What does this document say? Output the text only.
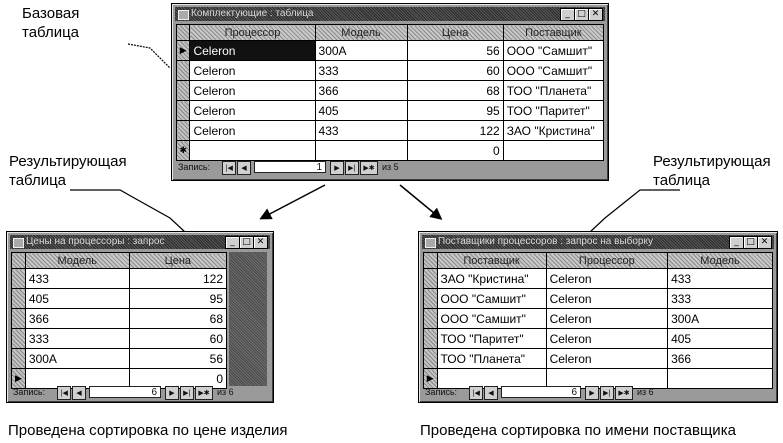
Базовая
таблица
Результирующая
таблица
Результирующая
таблица
Комплектующие : таблица	_ □ ✕
	Процессор	Модель	Цена	Поставщик
▶	Celeron	300A	56	ООО "Самшит"
	Celeron	333	60	ООО "Самшит"
	Celeron	366	68	ТОО "Планета"
	Celeron	405	95	ТОО "Паритет"
	Celeron	433	122	ЗАО "Кристина"
✱			0	
Запись:	|◀	◀	1	▶	▶|	▶✱ из 5
Цены на процессоры : запрос	_ □ ✕
	Модель	Цена
	433	122
	405	95
	366	68
	333	60
	300A	56
▶		0
Запись:	|◀	◀	6	▶	▶|	▶✱ из 6
Поставщики процессоров : запрос на выборку	_ □ ✕
	Поставщик	Процессор	Модель
	ЗАО "Кристина"	Celeron	433
	ООО "Самшит"	Celeron	333
	ООО "Самшит"	Celeron	300A
	ТОО "Паритет"	Celeron	405
	ТОО "Планета"	Celeron	366
▶			
Запись:	|◀	◀	6	▶	▶|	▶✱ из 6
Проведена сортировка по цене изделия	Проведена сортировка по имени поставщика
